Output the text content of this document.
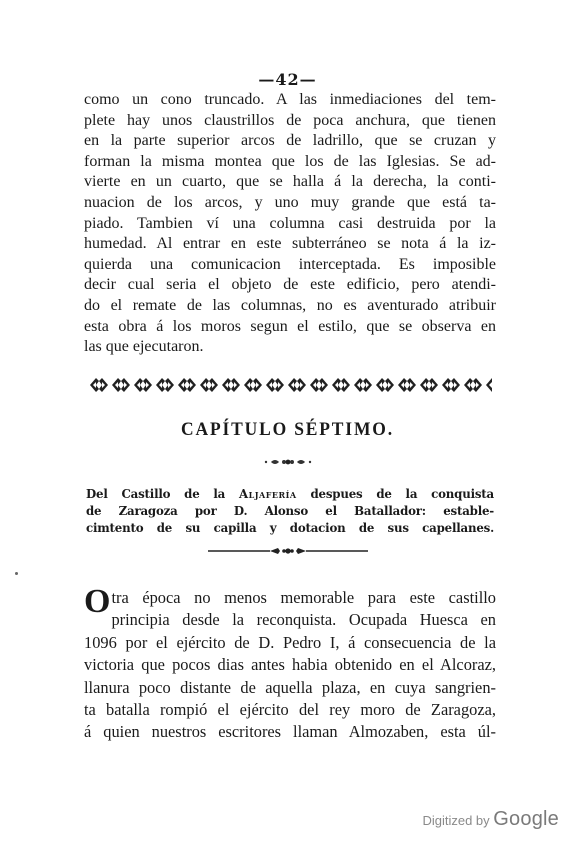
—42—
como un cono truncado. A las inmediaciones del tem-
plete hay unos claustrillos de poca anchura, que tienen
en la parte superior arcos de ladrillo, que se cruzan y
forman la misma montea que los de las Iglesias. Se ad-
vierte en un cuarto, que se halla á la derecha, la conti-
nuacion de los arcos, y uno muy grande que está ta-
piado. Tambien ví una columna casi destruida por la
humedad. Al entrar en este subterráneo se nota á la iz-
quierda una comunicacion interceptada. Es imposible
decir cual seria el objeto de este edificio, pero atendi-
do el remate de las columnas, no es aventurado atribuir
esta obra á los moros segun el estilo, que se observa en
las que ejecutaron.
CAPÍTULO SÉPTIMO.
Del Castillo de la Aljafería despues de la conquista
de Zaragoza por D. Alonso el Batallador: estable-
cimtento de su capilla y dotacion de sus capellanes.
Otra época no menos memorable para este castillo
principia desde la reconquista. Ocupada Huesca en
1096 por el ejército de D. Pedro I, á consecuencia de la
victoria que pocos dias antes habia obtenido en el Alcoraz,
llanura poco distante de aquella plaza, en cuya sangrien-
ta batalla rompió el ejército del rey moro de Zaragoza,
á quien nuestros escritores llaman Almozaben, esta úl-
Digitized by Google
